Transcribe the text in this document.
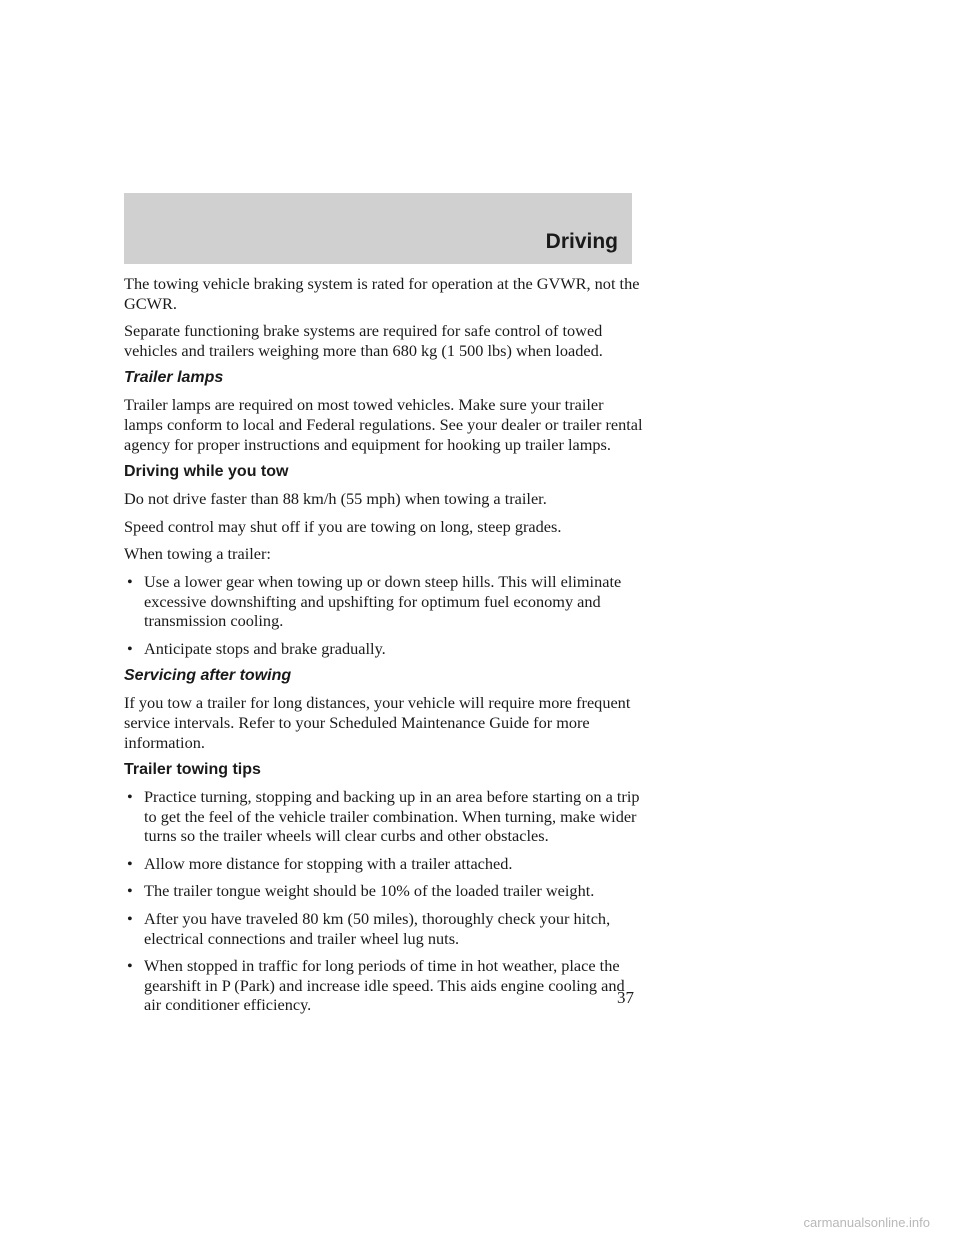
Driving

The towing vehicle braking system is rated for operation at the GVWR, not the GCWR.

Separate functioning brake systems are required for safe control of towed vehicles and trailers weighing more than 680 kg (1 500 lbs) when loaded.

Trailer lamps

Trailer lamps are required on most towed vehicles. Make sure your trailer lamps conform to local and Federal regulations. See your dealer or trailer rental agency for proper instructions and equipment for hooking up trailer lamps.

Driving while you tow

Do not drive faster than 88 km/h (55 mph) when towing a trailer.

Speed control may shut off if you are towing on long, steep grades.

When towing a trailer:

• Use a lower gear when towing up or down steep hills. This will eliminate excessive downshifting and upshifting for optimum fuel economy and transmission cooling.
• Anticipate stops and brake gradually.
Servicing after towing

If you tow a trailer for long distances, your vehicle will require more frequent service intervals. Refer to your Scheduled Maintenance Guide for more information.

Trailer towing tips
• Practice turning, stopping and backing up in an area before starting on a trip to get the feel of the vehicle trailer combination. When turning, make wider turns so the trailer wheels will clear curbs and other obstacles.
• Allow more distance for stopping with a trailer attached.
• The trailer tongue weight should be 10% of the loaded trailer weight.
• After you have traveled 80 km (50 miles), thoroughly check your hitch, electrical connections and trailer wheel lug nuts.
• When stopped in traffic for long periods of time in hot weather, place the gearshift in P (Park) and increase idle speed. This aids engine cooling and air conditioner efficiency.	37
carmanualsonline.info
